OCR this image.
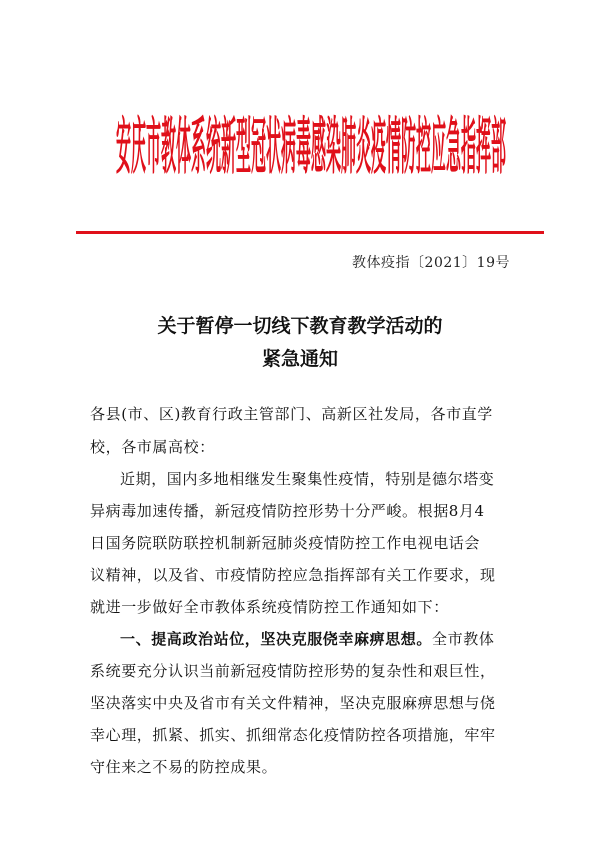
安庆市教体系统新型冠状病毒感染肺炎疫情防控应急指挥部
教体疫指〔2021〕19号
关于暂停一切线下教育教学活动的
紧急通知
各县(市、区)教育行政主管部门、高新区社发局，各市直学
校，各市属高校：
近期，国内多地相继发生聚集性疫情，特别是德尔塔变
异病毒加速传播，新冠疫情防控形势十分严峻。根据8月4
日国务院联防联控机制新冠肺炎疫情防控工作电视电话会
议精神，以及省、市疫情防控应急指挥部有关工作要求，现
就进一步做好全市教体系统疫情防控工作通知如下：
一、提高政治站位，坚决克服侥幸麻痹思想。全市教体
系统要充分认识当前新冠疫情防控形势的复杂性和艰巨性，
坚决落实中央及省市有关文件精神，坚决克服麻痹思想与侥
幸心理，抓紧、抓实、抓细常态化疫情防控各项措施，牢牢
守住来之不易的防控成果。
